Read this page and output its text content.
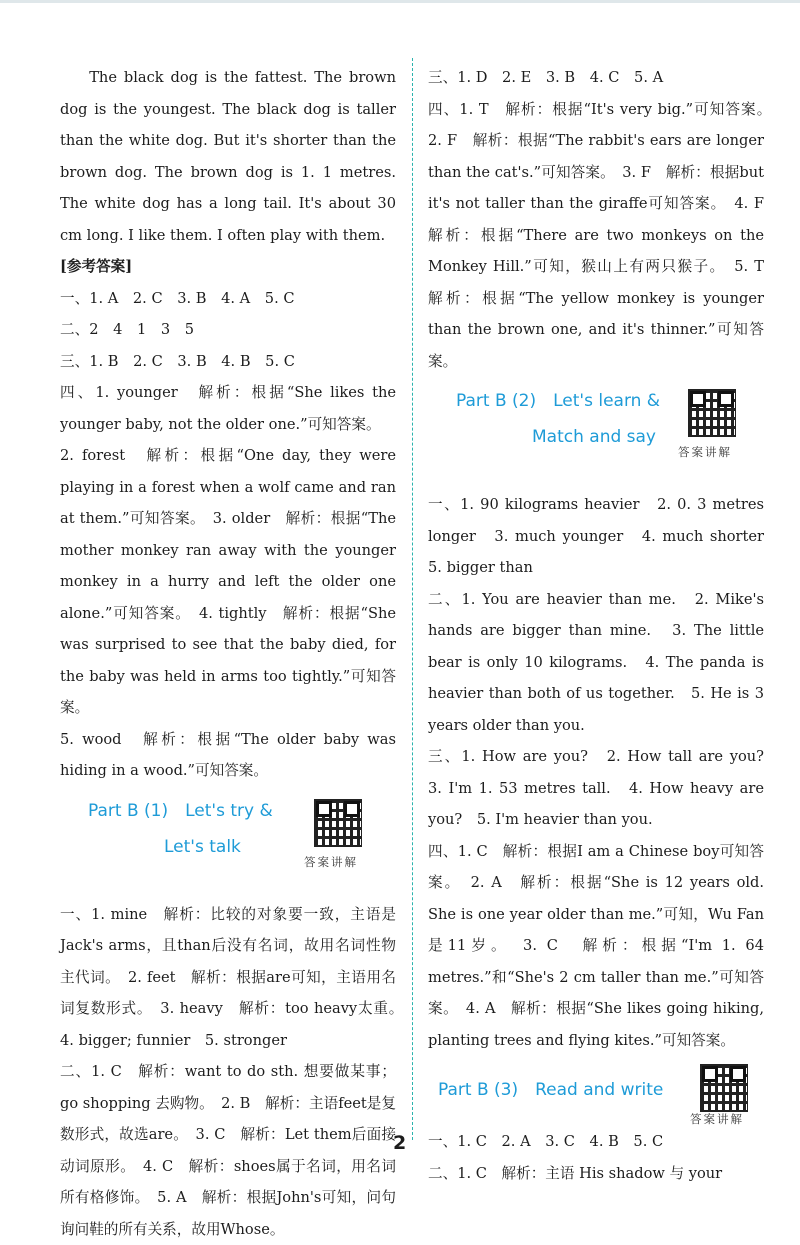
The black dog is the fattest. The brown dog is the youngest. The black dog is taller than the white dog. But it's shorter than the brown dog. The brown dog is 1. 1 metres. The white dog has a long tail. It's about 30 cm long. I like them. I often play with them.

[参考答案]

一、1. A　2. C　3. B　4. A　5. C

二、2　4　1　3　5

三、1. B　2. C　3. B　4. B　5. C

四、1. younger　解析：根据“She likes the younger baby, not the older one.”可知答案。

2. forest　解析：根据“One day, they were playing in a forest when a wolf came and ran at them.”可知答案。　3. older　解析：根据“The mother monkey ran away with the younger monkey in a hurry and left the older one alone.”可知答案。　4. tightly　解析：根据“She was surprised to see that the baby died, for the baby was held in arms too tightly.”可知答案。

5. wood　解析：根据“The older baby was hiding in a wood.”可知答案。

Part B (1)　Let's try &
Let's talk
答案讲解

一、1. mine　解析：比较的对象要一致，主语是Jack's arms，且than后没有名词，故用名词性物主代词。　2. feet　解析：根据are可知，主语用名词复数形式。　3. heavy　解析：too heavy太重。　4. bigger; funnier　5. stronger

二、1. C　解析：want to do sth. 想要做某事；go shopping 去购物。　2. B　解析：主语feet是复数形式，故选are。　3. C　解析：Let them后面接动词原形。　4. C　解析：shoes属于名词，用名词所有格修饰。　5. A　解析：根据John's可知，问句询问鞋的所有关系，故用Whose。

三、1. D　2. E　3. B　4. C　5. A

四、1. T　解析：根据“It's very big.”可知答案。　2. F　解析：根据“The rabbit's ears are longer than the cat's.”可知答案。　3. F　解析：根据but it's not taller than the giraffe可知答案。　4. F　解析：根据“There are two monkeys on the Monkey Hill.”可知，猴山上有两只猴子。　5. T　解析：根据“The yellow monkey is younger than the brown one, and it's thinner.”可知答案。

Part B (2)　Let's learn &
Match and say
答案讲解

一、1. 90 kilograms heavier　2. 0. 3 metres longer　3. much younger　4. much shorter　5. bigger than

二、1. You are heavier than me.　2. Mike's hands are bigger than mine.　3. The little bear is only 10 kilograms.　4. The panda is heavier than both of us together.　5. He is 3 years older than you.

三、1. How are you?　2. How tall are you?　3. I'm 1. 53 metres tall.　4. How heavy are you?　5. I'm heavier than you.

四、1. C　解析：根据I am a Chinese boy可知答案。　2. A　解析：根据“She is 12 years old. She is one year older than me.”可知，Wu Fan是11岁。　3. C　解析：根据“I'm 1. 64 metres.”和“She's 2 cm taller than me.”可知答案。　4. A　解析：根据“She likes going hiking, planting trees and flying kites.”可知答案。

Part B (3)　Read and write
答案讲解

一、1. C　2. A　3. C　4. B　5. C

二、1. C　解析：主语 His shadow 与 your

2
